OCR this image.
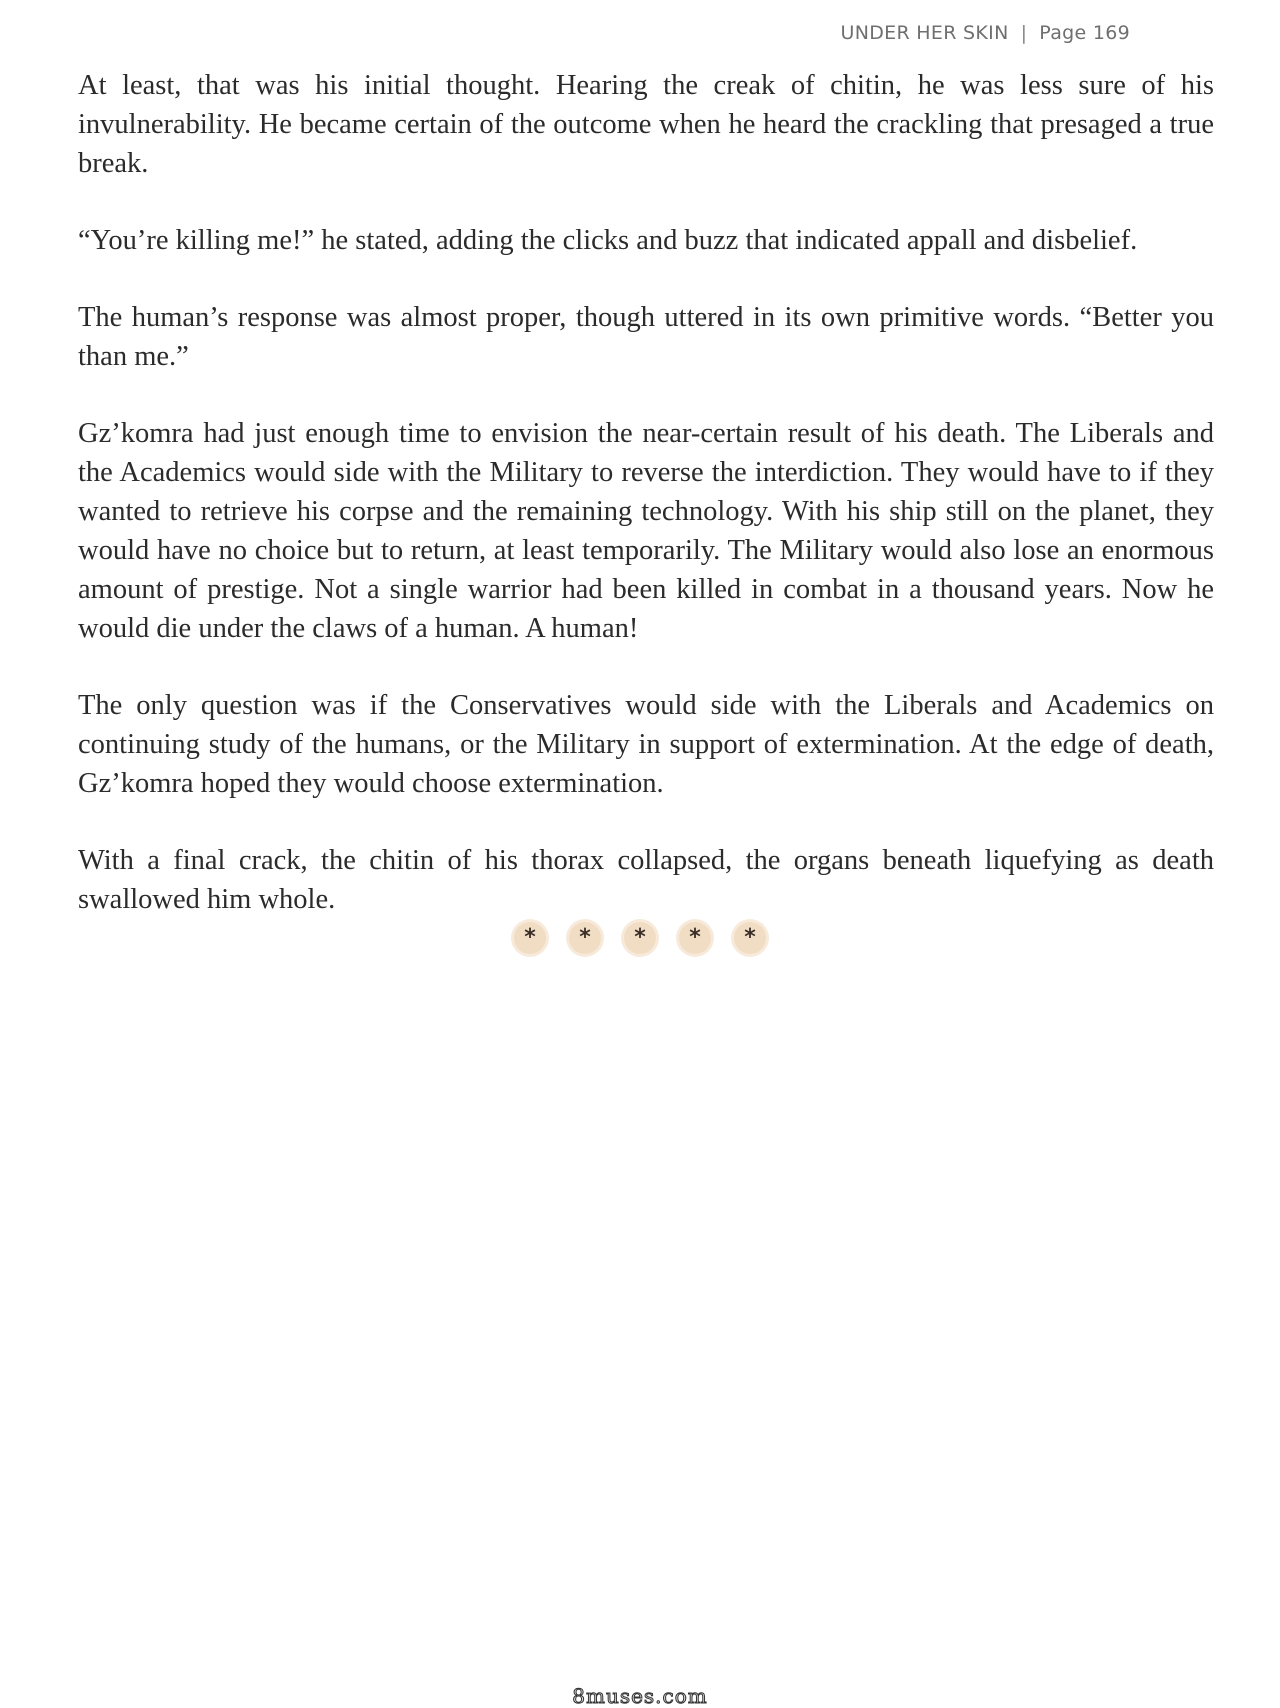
UNDER HER SKIN | Page 169

At least, that was his initial thought. Hearing the creak of chitin, he was less sure of his invulnerability. He became certain of the outcome when he heard the crackling that presaged a true break.

“You’re killing me!” he stated, adding the clicks and buzz that indicated appall and disbelief.

The human’s response was almost proper, though uttered in its own primitive words. “Better you than me.”

Gz’komra had just enough time to envision the near-certain result of his death. The Liberals and the Academics would side with the Military to reverse the interdiction. They would have to if they wanted to retrieve his corpse and the remaining technology. With his ship still on the planet, they would have no choice but to return, at least temporarily. The Military would also lose an enormous amount of prestige. Not a single warrior had been killed in combat in a thousand years. Now he would die under the claws of a human. A human!

The only question was if the Conservatives would side with the Liberals and Academics on continuing study of the humans, or the Military in support of extermination. At the edge of death, Gz’komra hoped they would choose extermination.

With a final crack, the chitin of his thorax collapsed, the organs beneath liquefying as death swallowed him whole.

*	*	*	*	*
8muses.com
